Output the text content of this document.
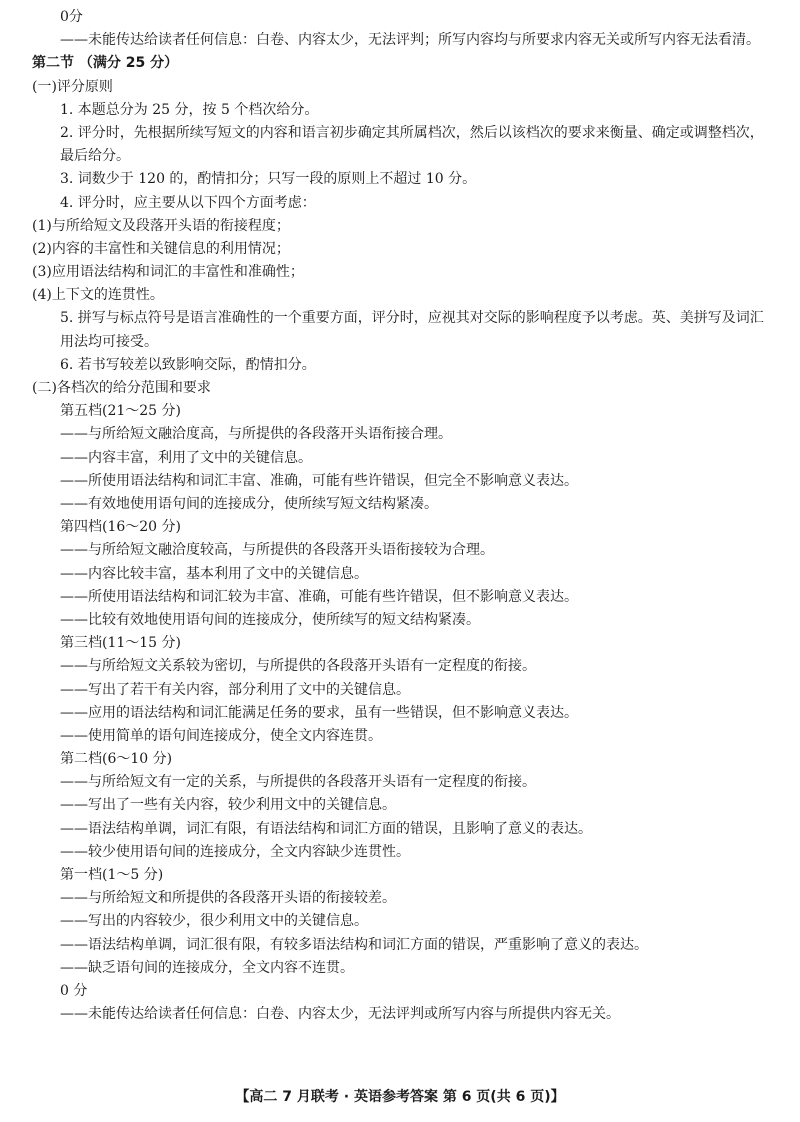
0分
——未能传达给读者任何信息：白卷、内容太少，无法评判；所写内容均与所要求内容无关或所写内容无法看清。
第二节 （满分 25 分）
(一)评分原则
1. 本题总分为 25 分，按 5 个档次给分。
2. 评分时，先根据所续写短文的内容和语言初步确定其所属档次，然后以该档次的要求来衡量、确定或调整档次，最后给分。
3. 词数少于 120 的，酌情扣分；只写一段的原则上不超过 10 分。
4. 评分时，应主要从以下四个方面考虑：
(1)与所给短文及段落开头语的衔接程度；
(2)内容的丰富性和关键信息的利用情况；
(3)应用语法结构和词汇的丰富性和准确性；
(4)上下文的连贯性。
5. 拼写与标点符号是语言准确性的一个重要方面，评分时，应视其对交际的影响程度予以考虑。英、美拼写及词汇用法均可接受。
6. 若书写较差以致影响交际，酌情扣分。
(二)各档次的给分范围和要求
第五档(21～25 分)
——与所给短文融洽度高，与所提供的各段落开头语衔接合理。
——内容丰富，利用了文中的关键信息。
——所使用语法结构和词汇丰富、准确，可能有些许错误，但完全不影响意义表达。
——有效地使用语句间的连接成分，使所续写短文结构紧凑。
第四档(16～20 分)
——与所给短文融洽度较高，与所提供的各段落开头语衔接较为合理。
——内容比较丰富，基本利用了文中的关键信息。
——所使用语法结构和词汇较为丰富、准确，可能有些许错误，但不影响意义表达。
——比较有效地使用语句间的连接成分，使所续写的短文结构紧凑。
第三档(11～15 分)
——与所给短文关系较为密切，与所提供的各段落开头语有一定程度的衔接。
——写出了若干有关内容，部分利用了文中的关键信息。
——应用的语法结构和词汇能满足任务的要求，虽有一些错误，但不影响意义表达。
——使用简单的语句间连接成分，使全文内容连贯。
第二档(6～10 分)
——与所给短文有一定的关系，与所提供的各段落开头语有一定程度的衔接。
——写出了一些有关内容，较少利用文中的关键信息。
——语法结构单调，词汇有限，有语法结构和词汇方面的错误，且影响了意义的表达。
——较少使用语句间的连接成分，全文内容缺少连贯性。
第一档(1～5 分)
——与所给短文和所提供的各段落开头语的衔接较差。
——写出的内容较少，很少利用文中的关键信息。
——语法结构单调，词汇很有限，有较多语法结构和词汇方面的错误，严重影响了意义的表达。
——缺乏语句间的连接成分，全文内容不连贯。
0 分
——未能传达给读者任何信息：白卷、内容太少，无法评判或所写内容与所提供内容无关。
【高二 7 月联考 · 英语参考答案 第 6 页(共 6 页)】
